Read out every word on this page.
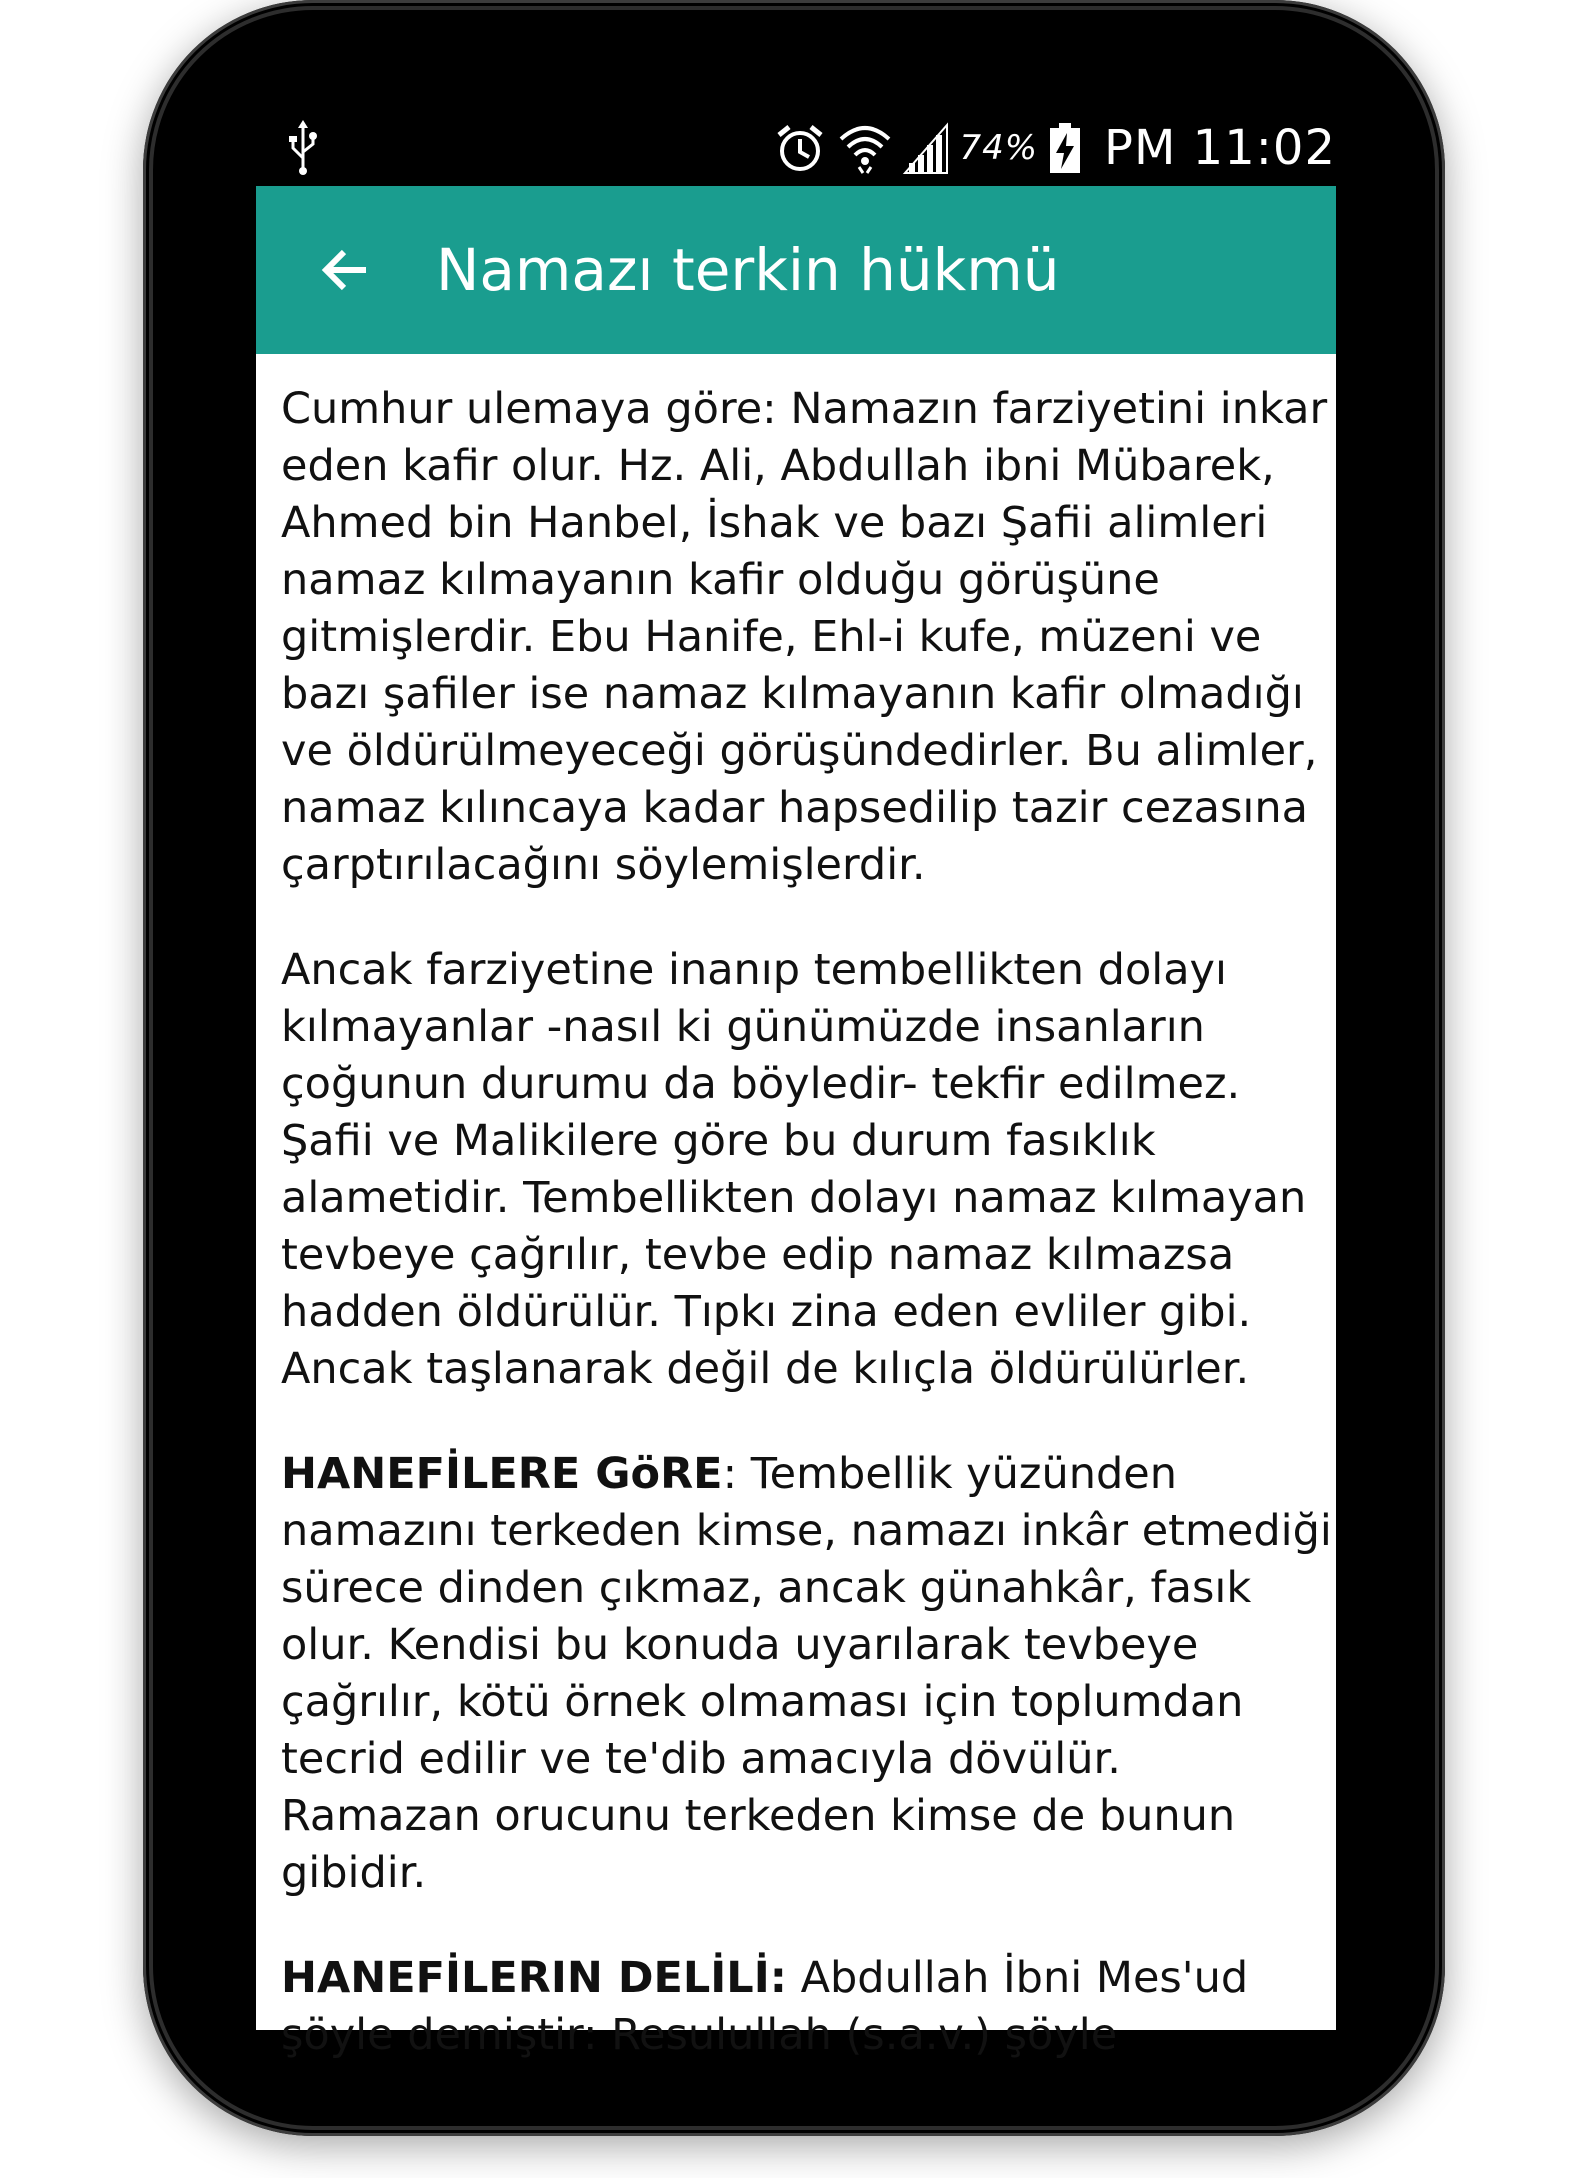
74% PM 11:02
Namazı terkin hükmü

Cumhur ulemaya göre: Namazın farziyetini inkar
eden kafir olur. Hz. Ali, Abdullah ibni Mübarek,
Ahmed bin Hanbel, İshak ve bazı Şafii alimleri
namaz kılmayanın kafir olduğu görüşüne
gitmişlerdir. Ebu Hanife, Ehl-i kufe, müzeni ve
bazı şafiler ise namaz kılmayanın kafir olmadığı
ve öldürülmeyeceği görüşündedirler. Bu alimler,
namaz kılıncaya kadar hapsedilip tazir cezasına
çarptırılacağını söylemişlerdir.

Ancak farziyetine inanıp tembellikten dolayı
kılmayanlar -nasıl ki günümüzde insanların
çoğunun durumu da böyledir- tekfir edilmez.
Şafii ve Malikilere göre bu durum fasıklık
alametidir. Tembellikten dolayı namaz kılmayan
tevbeye çağrılır, tevbe edip namaz kılmazsa
hadden öldürülür. Tıpkı zina eden evliler gibi.
Ancak taşlanarak değil de kılıçla öldürülürler.

HANEFİLERE GöRE: Tembellik yüzünden
namazını terkeden kimse, namazı inkâr etmediği
sürece dinden çıkmaz, ancak günahkâr, fasık
olur. Kendisi bu konuda uyarılarak tevbeye
çağrılır, kötü örnek olmaması için toplumdan
tecrid edilir ve te'dib amacıyla dövülür.
Ramazan orucunu terkeden kimse de bunun
gibidir.

HANEFİLERIN DELİLİ: Abdullah İbni Mes'ud
şöyle demiştir: Resulullah (s.a.v.) şöyle
